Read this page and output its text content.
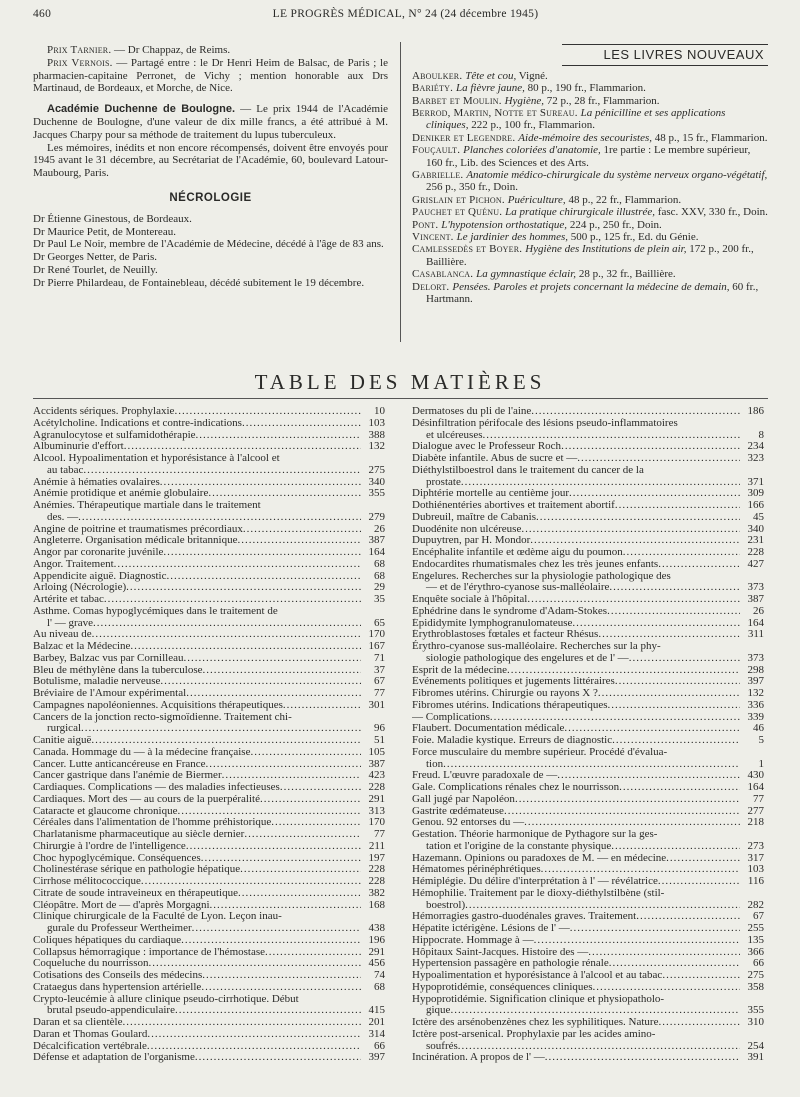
460	LE PROGRÈS MÉDICAL, N° 24 (24 décembre 1945)

Prix Tarnier. — Dr Chappaz, de Reims.

Prix Vernois. — Partagé entre : le Dr Henri Heim de Balsac, de Paris ; le pharmacien-capitaine Perronet, de Vichy ; mention honorable aux Drs Martinaud, de Bordeaux, et Morche, de Nice.

Académie Duchenne de Boulogne. — Le prix 1944 de l'Académie Duchenne de Boulogne, d'une valeur de dix mille francs, a été attribué à M. Jacques Charpy pour sa méthode de traitement du lupus tuberculeux.

Les mémoires, inédits et non encore récompensés, doivent être envoyés pour 1945 avant le 31 décembre, au Secrétariat de l'Académie, 60, boulevard Latour-Maubourg, Paris.

NÉCROLOGIE

Dr Étienne Ginestous, de Bordeaux.

Dr Maurice Petit, de Montereau.

Dr Paul Le Noir, membre de l'Académie de Médecine, décédé à l'âge de 83 ans.

Dr Georges Netter, de Paris.

Dr René Tourlet, de Neuilly.

Dr Pierre Philardeau, de Fontainebleau, décédé subitement le 19 décembre.

LES LIVRES NOUVEAUX

Aboulker. Tête et cou, Vigné.

Bariéty. La fièvre jaune, 80 p., 190 fr., Flammarion.

Barbet et Moulin. Hygiène, 72 p., 28 fr., Flammarion.

Berrod, Martin, Notte et Sureau. La pénicilline et ses applications cliniques, 222 p., 100 fr., Flammarion.

Deniker et Legendre. Aide-mémoire des secouristes, 48 p., 15 fr., Flammarion.

Fouçault. Planches coloriées d'anatomie, 1re partie : Le membre supérieur, 160 fr., Lib. des Sciences et des Arts.

Gabrielle. Anatomie médico-chirurgicale du système nerveux organo-végétatif, 256 p., 350 fr., Doin.

Grislain et Pichon. Puériculture, 48 p., 22 fr., Flammarion.

Pauchet et Quénu. La pratique chirurgicale illustrée, fasc. XXV, 330 fr., Doin.

Pont. L'hypotension orthostatique, 224 p., 250 fr., Doin.

Vincent. Le jardinier des hommes, 500 p., 125 fr., Ed. du Génie.

Camlessedès et Boyer. Hygiène des Institutions de plein air, 172 p., 200 fr., Baillière.

Casablanca. La gymnastique éclair, 28 p., 32 fr., Baillière.

Delort. Pensées. Paroles et projets concernant la médecine de demain, 60 fr., Hartmann.

TABLE DES MATIÈRES
Accidents sériques. Prophylaxie .....	10
Acétylcholine. Indications et contre-indications .....	103
Agranulocytose et sulfamidothérapie .....	388
Albuminurie d'effort .....	132
Alcool. Hypoalimentation et hyporésistance à l'alcool et
au tabac .....	275
Anémie à hématies ovalaires .....	340
Anémie protidique et anémie globulaire .....	355
Anémies. Thérapeutique martiale dans le traitement
des. — .....	279
Angine de poitrine et traumatismes précordiaux .....	26
Angleterre. Organisation médicale britannique .....	387
Angor par coronarite juvénile .....	164
Angor. Traitement .....	68
Appendicite aiguë. Diagnostic .....	68
Arloing (Nécrologie) .....	29
Artérite et tabac .....	35
Asthme. Comas hypoglycémiques dans le traitement de
l' — grave .....	65
Au niveau de .....	170
Balzac et la Médecine .....	167
Barbey, Balzac vus par Cornilleau .....	71
Bleu de méthylène dans la tuberculose .....	37
Botulisme, maladie nerveuse .....	67
Bréviaire de l'Amour expérimental .....	77
Campagnes napoléoniennes. Acquisitions thérapeutiques .....	301
Cancers de la jonction recto-sigmoïdienne. Traitement chi-
rurgical .....	96
Canitie aiguë .....	51
Canada. Hommage du — à la médecine française .....	105
Cancer. Lutte anticancéreuse en France .....	387
Cancer gastrique dans l'anémie de Biermer .....	423
Cardiaques. Complications — des maladies infectieuses .....	228
Cardiaques. Mort des — au cours de la puerpéralité .....	291
Cataracte et glaucome chronique .....	313
Céréales dans l'alimentation de l'homme préhistorique .....	170
Charlatanisme pharmaceutique au siècle dernier .....	77
Chirurgie à l'ordre de l'intelligence .....	211
Choc hypoglycémique. Conséquences .....	197
Cholinestérase sérique en pathologie hépatique .....	228
Cirrhose mélitococcique .....	228
Citrate de soude intraveineux en thérapeutique .....	382
Cléopâtre. Mort de — d'après Morgagni .....	168
Clinique chirurgicale de la Faculté de Lyon. Leçon inau-
gurale du Professeur Wertheimer .....	438
Coliques hépatiques du cardiaque .....	196
Collapsus hémorragique : importance de l'hémostase .....	291
Coqueluche du nourrisson .....	456
Cotisations des Conseils des médecins .....	74
Crataegus dans hypertension artérielle .....	68
Crypto-leucémie à allure clinique pseudo-cirrhotique. Début
brutal pseudo-appendiculaire .....	415
Daran et sa clientèle .....	201
Daran et Thomas Goulard .....	314
Décalcification vertébrale .....	66
Défense et adaptation de l'organisme .....	397
Dermatoses du pli de l'aine .....	186
Désinfiltration périfocale des lésions pseudo-inflammatoires
et ulcéreuses .....	8
Dialogue avec le Professeur Roch .....	234
Diabète infantile. Abus de sucre et — .....	323
Diéthylstilboestrol dans le traitement du cancer de la
prostate .....	371
Diphtérie mortelle au centième jour .....	309
Dothiénentéries abortives et traitement abortif .....	166
Dubreuil, maître de Cabanis .....	45
Duodénite non ulcéreuse .....	340
Dupuytren, par H. Mondor .....	231
Encéphalite infantile et œdème aigu du poumon .....	228
Endocardites rhumatismales chez les très jeunes enfants .....	427
Engelures. Recherches sur la physiologie pathologique des
— et de l'érythro-cyanose sus-malléolaire .....	373
Enquête sociale à l'hôpital .....	387
Éphédrine dans le syndrome d'Adam-Stokes .....	26
Épididymite lymphogranulomateuse .....	164
Érythroblastoses fœtales et facteur Rhésus .....	311
Érythro-cyanose sus-malléolaire. Recherches sur la phy-
siologie pathologique des engelures et de l' — .....	373
Esprit de la médecine .....	298
Événements politiques et jugements littéraires .....	397
Fibromes utérins. Chirurgie ou rayons X ? .....	132
Fibromes utérins. Indications thérapeutiques .....	336
— Complications .....	339
Flaubert. Documentation médicale .....	46
Foie. Maladie kystique. Erreurs de diagnostic .....	5
Force musculaire du membre supérieur. Procédé d'évalua-
tion .....	1
Freud. L'œuvre paradoxale de — .....	430
Gale. Complications rénales chez le nourrisson .....	164
Gall jugé par Napoléon .....	77
Gastrite œdémateuse .....	277
Genou. 92 entorses du — .....	218
Gestation. Théorie harmonique de Pythagore sur la ges-
tation et l'origine de la constante physique .....	273
Hazemann. Opinions ou paradoxes de M. — en médecine .....	317
Hématomes périnéphrétiques .....	103
Hémiplégie. Du délire d'interprétation à l' — révélatrice .....	116
Hémophilie. Traitement par le dioxy-diéthylstilbène (stil-
boestrol) .....	282
Hémorragies gastro-duodénales graves. Traitement .....	67
Hépatite ictérigène. Lésions de l' — .....	255
Hippocrate. Hommage à — .....	135
Hôpitaux Saint-Jacques. Histoire des — .....	366
Hypertension passagère en pathologie rénale .....	66
Hypoalimentation et hyporésistance à l'alcool et au tabac .....	275
Hypoprotidémie, conséquences cliniques .....	358
Hypoprotidémie. Signification clinique et physiopatholo-
gique .....	355
Ictère des arsénobenzènes chez les syphilitiques. Nature .....	310
Ictère post-arsenical. Prophylaxie par les acides amino-
soufrés .....	254
Incinération. A propos de l' — .....	391
